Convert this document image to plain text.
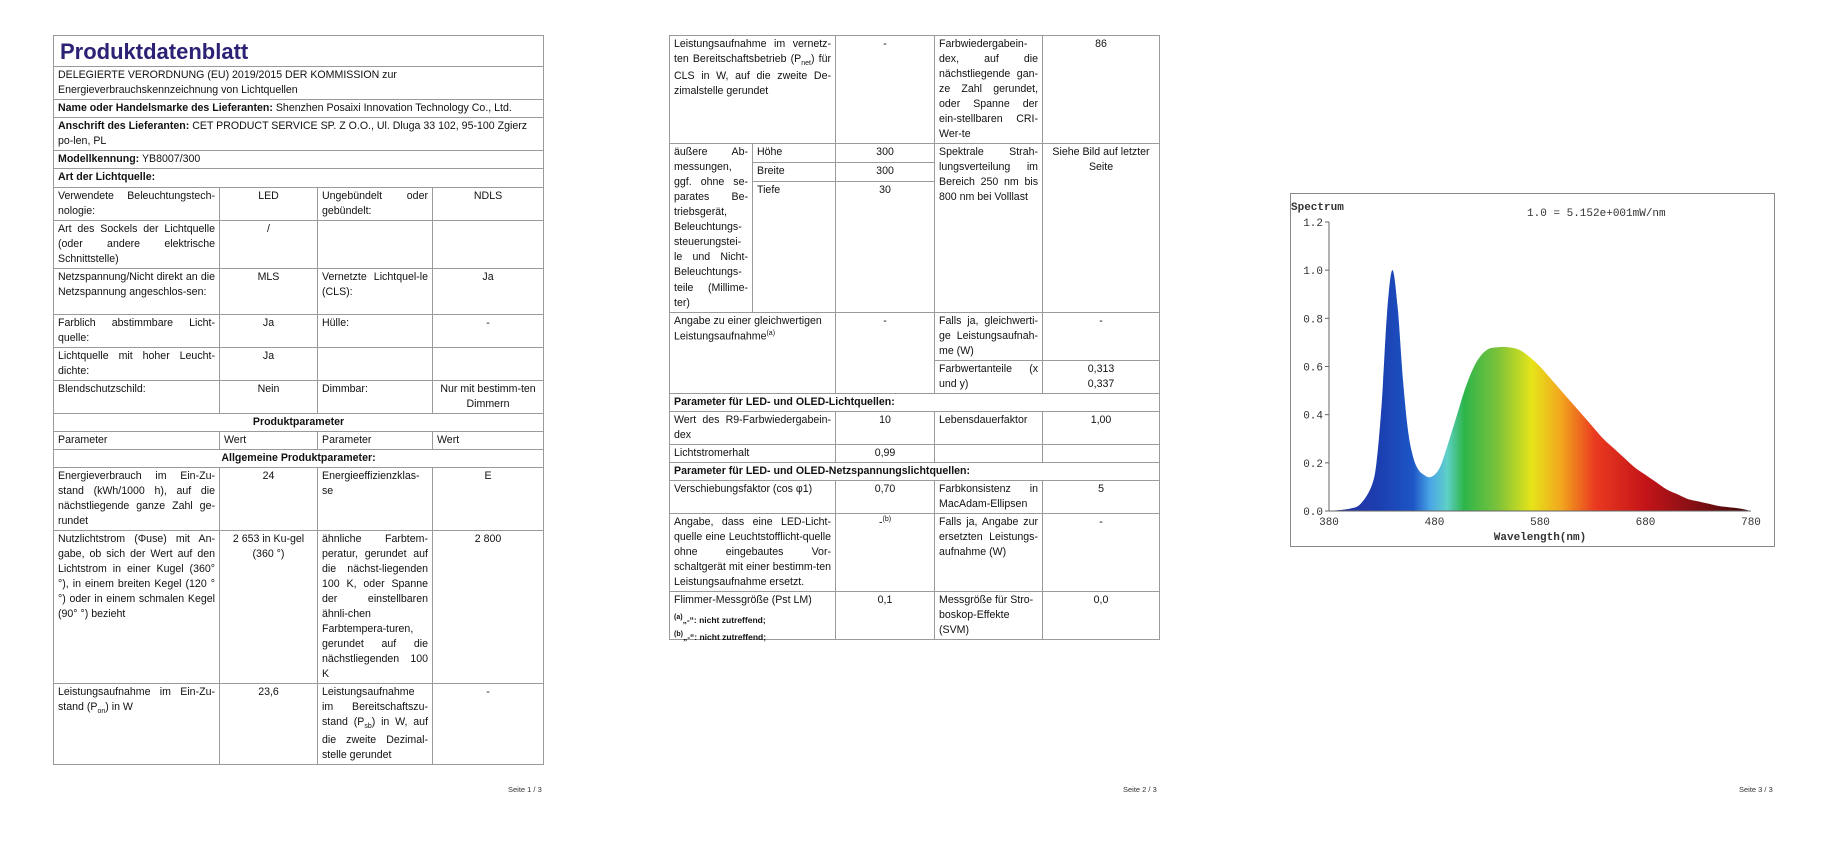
Produktdatenblatt			
DELEGIERTE VERORDNUNG (EU) 2019/2015 DER KOMMISSION zur Energieverbrauchskennzeichnung von Lichtquellen			
Name oder Handelsmarke des Lieferanten: Shenzhen Posaixi Innovation Technology Co., Ltd.			
Anschrift des Lieferanten: CET PRODUCT SERVICE SP. Z O.O., Ul. Dluga 33 102, 95-100 Zgierz po-len, PL			
Modellkennung: YB8007/300			
Art der Lichtquelle:			
Verwendete Beleuchtungstech-nologie:	LED	Ungebündelt oder gebündelt:	NDLS
Art des Sockels der Lichtquelle (oder andere elektrische Schnittstelle)	/		
Netzspannung/Nicht direkt an die Netzspannung angeschlos-sen:	MLS	Vernetzte Lichtquel-le (CLS):	Ja
Farblich abstimmbare Licht-quelle:	Ja	Hülle:	-
Lichtquelle mit hoher Leucht-dichte:	Ja		
Blendschutzschild:	Nein	Dimmbar:	Nur mit bestimm-ten Dimmern
Produktparameter			
Parameter	Wert	Parameter	Wert
Allgemeine Produktparameter:			
Energieverbrauch im Ein-Zu-stand (kWh/1000 h), auf die nächstliegende ganze Zahl ge-rundet	24	Energieeffizienzklas-se	E
Nutzlichtstrom (Φuse) mit An-gabe, ob sich der Wert auf den Lichtstrom in einer Kugel (360° °), in einem breiten Kegel (120 °°) oder in einem schmalen Kegel (90° °) bezieht	2 653 in Ku-gel (360 °)	ähnliche Farbtem-peratur, gerundet auf die nächst-liegenden 100 K, oder Spanne der einstellbaren ähnli-chen Farbtempera-turen, gerundet auf die nächstliegenden 100 K	2 800
Leistungsaufnahme im Ein-Zu-stand $(P_{on})$ in W	23,6	Leistungsaufnahme im Bereitschaftszu-stand $(P_{sb})$ in W, auf die zweite Dezimal-stelle gerundet	-
Seite 1 / 3
Leistungsaufnahme im vernetz-ten Bereitschaftsbetrieb $(P_{net})$ für CLS in W, auf die zweite De-zimalstelle gerundet		-	Farbwiedergabein-dex, auf die nächstliegende gan-ze Zahl gerundet, oder Spanne der ein-stellbaren CRI-Wer-te	86
äußere Ab-messungen, ggf. ohne se-parates Be-triebsgerät, Beleuchtungs-steuerungstei-le und Nicht-Beleuchtungs-teile (Millime-ter)	Höhe	300	Spektrale Strah-lungsverteilung im Bereich 250 nm bis 800 nm bei Volllast	Siehe Bild auf letzter Seite
	Breite	300		
	Tiefe	30		
Angabe zu einer gleichwertigen Leistungsaufnahme$^{(a)}$		-	Falls ja, gleichwerti-ge Leistungsaufnah-me (W)	-
			Farbwertanteile (x und y)	0,313
0,337

Parameter für LED- und OLED-Lichtquellen:				
Wert des R9-Farbwiedergabein-dex		10	Lebensdauerfaktor	1,00
Lichtstromerhalt		0,99		
Parameter für LED- und OLED-Netzspannungslichtquellen:				
Verschiebungsfaktor (cos φ1)		0,70	Farbkonsistenz in MacAdam-Ellipsen	5
Angabe, dass eine LED-Licht-quelle eine Leuchtstofflicht-quelle ohne eingebautes Vor-schaltgerät mit einer bestimm-ten Leistungsaufnahme ersetzt.		-$^{(b)}$	Falls ja, Angabe zur ersetzten Leistungs-aufnahme (W)	-
Flimmer-Messgröße (Pst LM)		0,1	Messgröße für Stro-boskop-Effekte (SVM)	0,0
$^{(a)}$„-“: nicht zutreffend;
$^{(b)}$„-“: nicht zutreffend;
Seite 2 / 3
Spectrum	1.0 = 5.152e+001mW/nm
0.0
0.2
0.4
0.6
0.8
1.0
1.2
380	480	580	680	780
Wavelength(nm)
Seite 3 / 3
